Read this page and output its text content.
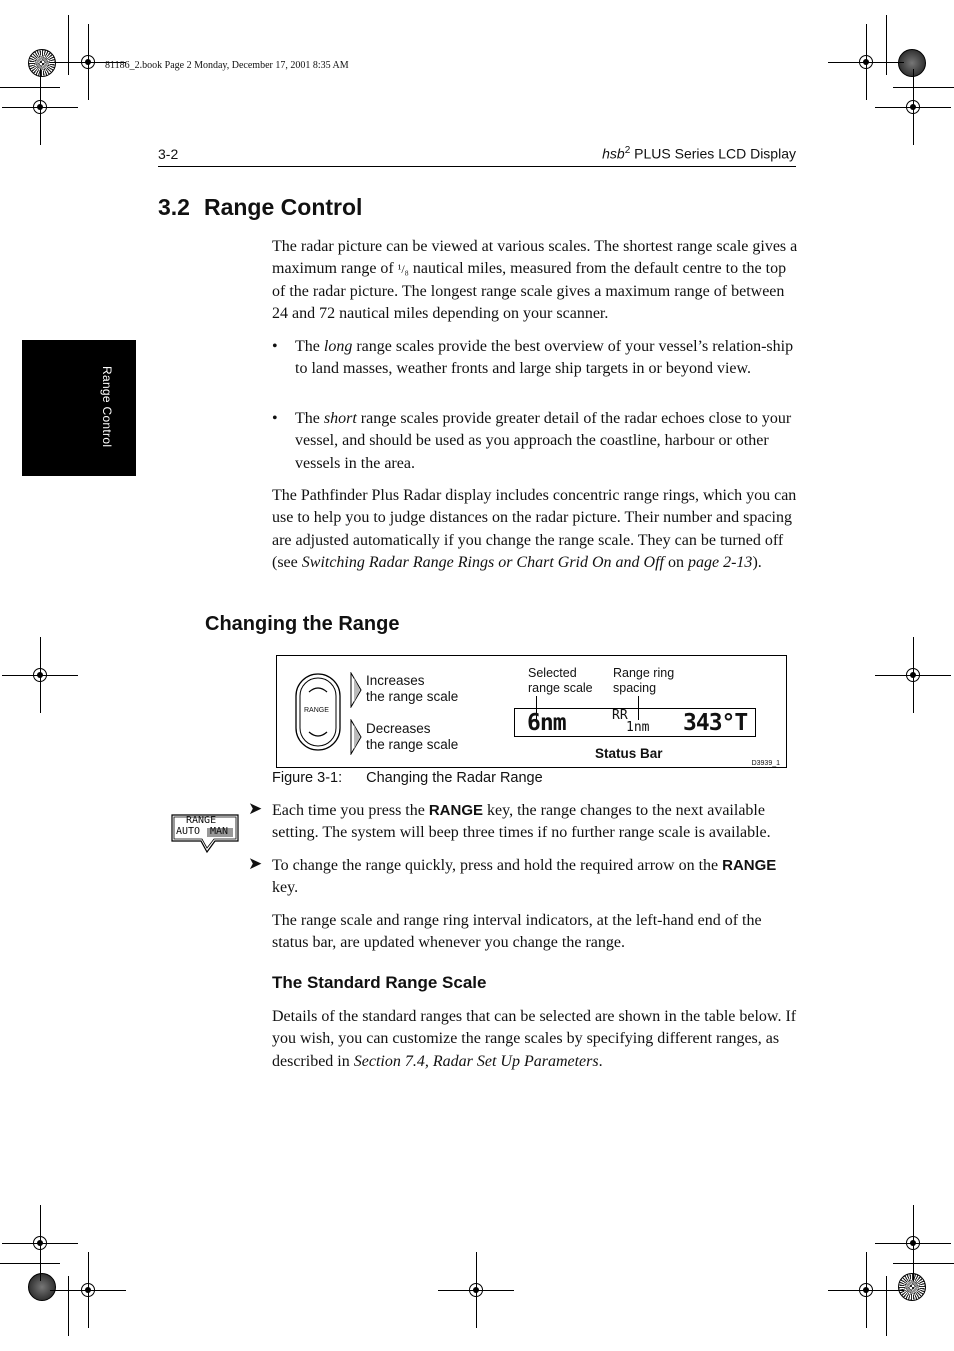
81186_2.book Page 2 Monday, December 17, 2001 8:35 AM
3-2	hsb$^2$ PLUS Series LCD Display
Range Control
3.2 Range Control

The radar picture can be viewed at various scales. The shortest range scale gives a maximum range of ¹/₈ nautical miles, measured from the default centre to the top of the radar picture. The longest range scale gives a maximum range of between 24 and 72 nautical miles depending on your scanner.

• The long range scales provide the best overview of your vessel’s relation-ship to land masses, weather fronts and large ship targets in or beyond view.
• The short range scales provide greater detail of the radar echoes close to your vessel, and should be used as you approach the coastline, harbour or other vessels in the area.

The Pathfinder Plus Radar display includes concentric range rings, which you can use to help you to judge distances on the radar picture. Their number and spacing are adjusted automatically if you change the range scale. They can be turned off (see Switching Radar Range Rings or Chart Grid On and Off on page 2-13).

Changing the Range
RANGE
Increases
the range scale
Decreases
the range scale
Selected
range scale
Range ring
spacing
Status Bar
D3939_1
6nm	RR
1nm 343°T
Figure 3-1: Changing the Radar Range
RANGE
AUTO MAN
➤ Each time you press the RANGE key, the range changes to the next available setting. The system will beep three times if no further range scale is available.

➤ To change the range quickly, press and hold the required arrow on the RANGE key.

The range scale and range ring interval indicators, at the left-hand end of the status bar, are updated whenever you change the range.

The Standard Range Scale

Details of the standard ranges that can be selected are shown in the table below. If you wish, you can customize the range scales by specifying different ranges, as described in Section 7.4, Radar Set Up Parameters.
